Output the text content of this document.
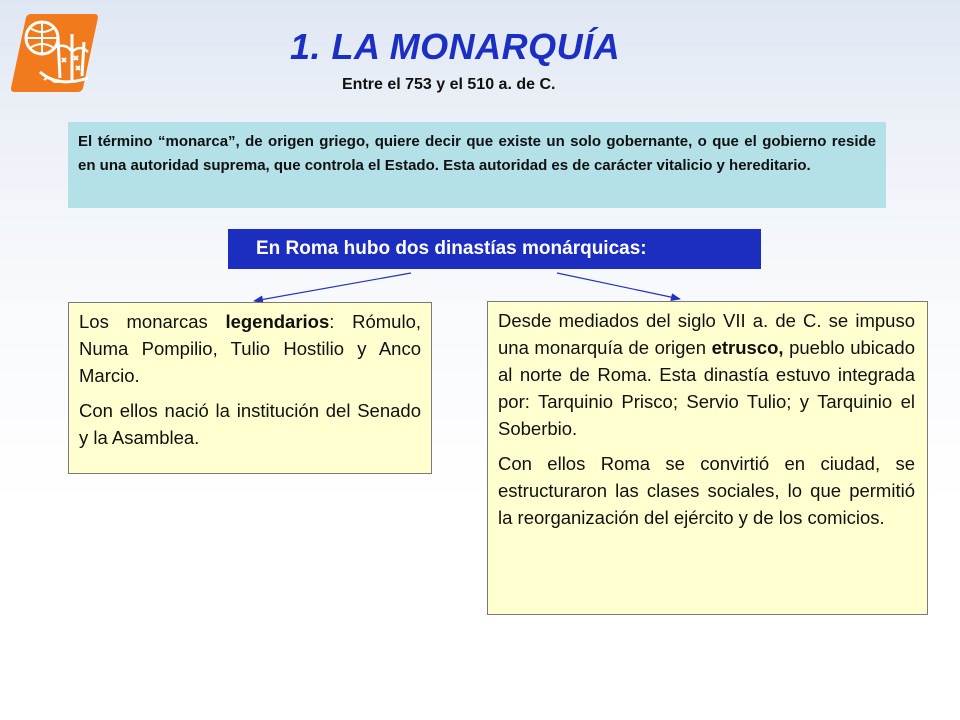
1. LA MONARQUÍA
Entre el 753 y el 510 a. de C.
El término “monarca”, de origen griego, quiere decir que existe un solo gobernante, o que el gobierno reside en una autoridad suprema, que controla el Estado. Esta autoridad es de carácter vitalicio y hereditario.
En Roma hubo dos dinastías monárquicas:

Los monarcas legendarios: Rómulo, Numa Pompilio, Tulio Hostilio y Anco Marcio.

Con ellos nació la institución del Senado y la Asamblea.

Desde mediados del siglo VII a. de C. se impuso una monarquía de origen etrusco, pueblo ubicado al norte de Roma. Esta dinastía estuvo integrada por: Tarquinio Prisco; Servio Tulio; y Tarquinio el Soberbio.

Con ellos Roma se convirtió en ciudad, se estructuraron las clases sociales, lo que permitió la reorganización del ejército y de los comicios.
